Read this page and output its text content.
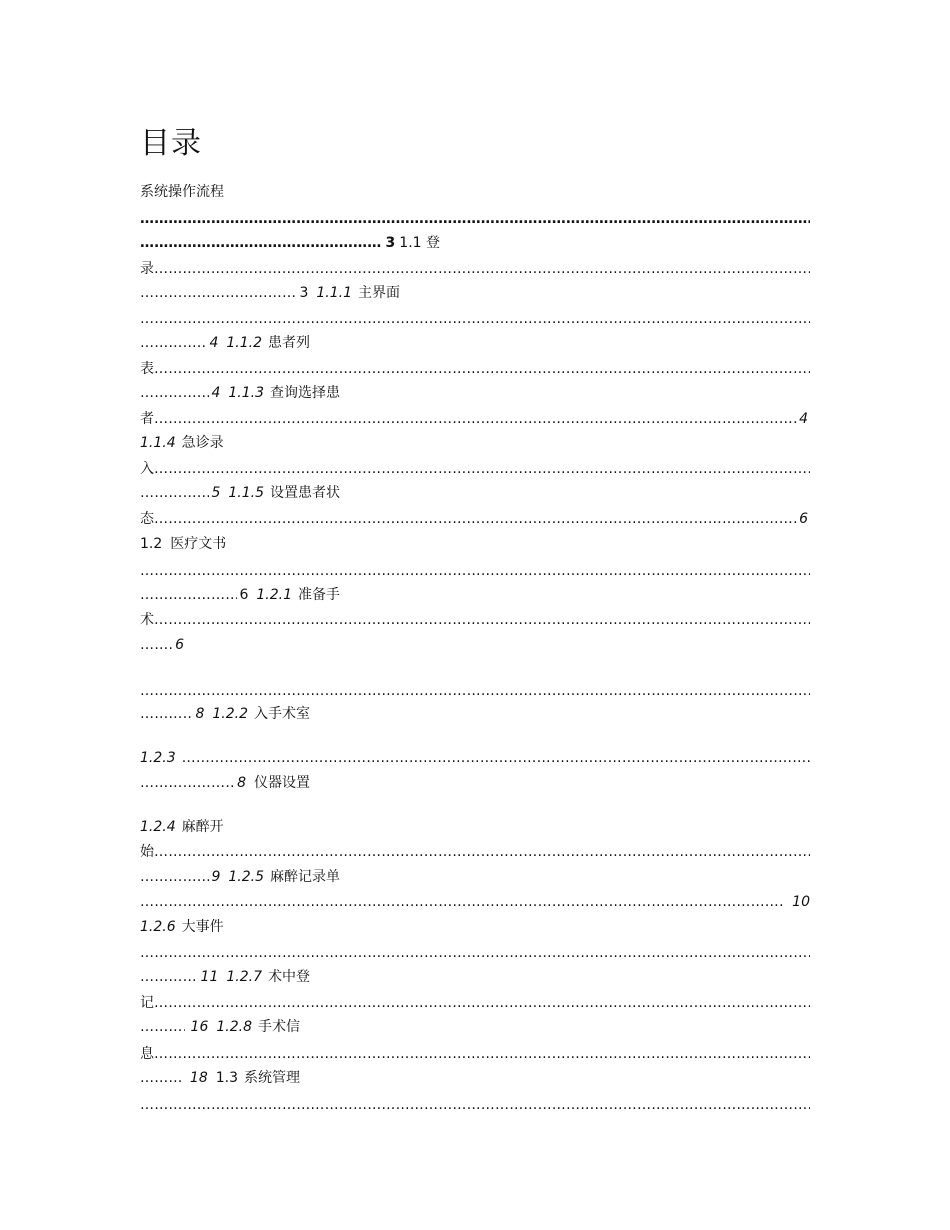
目录
系统操作流程
………………………………………………………………………………………………………………………………………………………………………………………………………………………………………………………………………………………………
………………………………………………………………………………………………………………………………………………………………………………………………………………………………………………………………………………………………
3 1.1 登
录
………………………………………………………………………………………………………………………………………………………………………………………………………………………………………………………………………………………………
………………………………………………………………………………………………………………………………………………………………………………………………………………………………………………………………………………………………
3 1.1.1 主界面
………………………………………………………………………………………………………………………………………………………………………………………………………………………………………………………………………………………………
………………………………………………………………………………………………………………………………………………………………………………………………………………………………………………………………………………………………
4 1.1.2 患者列
表
………………………………………………………………………………………………………………………………………………………………………………………………………………………………………………………………………………………………
………………………………………………………………………………………………………………………………………………………………………………………………………………………………………………………………………………………………
4 1.1.3 查询选择患
者 ………………………………………………………………………………………………………………………………………………………………………………………………………………………………………………………………………………………………	4
1.1.4 急诊录
入
………………………………………………………………………………………………………………………………………………………………………………………………………………………………………………………………………………………………
………………………………………………………………………………………………………………………………………………………………………………………………………………………………………………………………………………………………
5 1.1.5 设置患者状
态 ………………………………………………………………………………………………………………………………………………………………………………………………………………………………………………………………………………………………	6
1.2 医疗文书
………………………………………………………………………………………………………………………………………………………………………………………………………………………………………………………………………………………………
………………………………………………………………………………………………………………………………………………………………………………………………………………………………………………………………………………………………
6 1.2.1 准备手
术
………………………………………………………………………………………………………………………………………………………………………………………………………………………………………………………………………………………………
………………………………………………………………………………………………………………………………………………………………………………………………………………………………………………………………………………………………
6
………………………………………………………………………………………………………………………………………………………………………………………………………………………………………………………………………………………………
………………………………………………………………………………………………………………………………………………………………………………………………………………………………………………………………………………………………
8 1.2.2 入手术室
1.2.3
………………………………………………………………………………………………………………………………………………………………………………………………………………………………………………………………………………………………
………………………………………………………………………………………………………………………………………………………………………………………………………………………………………………………………………………………………
8 仪器设置
1.2.4 麻醉开
始
………………………………………………………………………………………………………………………………………………………………………………………………………………………………………………………………………………………………
………………………………………………………………………………………………………………………………………………………………………………………………………………………………………………………………………………………………
9 1.2.5 麻醉记录单
………………………………………………………………………………………………………………………………………………………………………………………………………………………………………………………………………………………………
10
1.2.6 大事件
………………………………………………………………………………………………………………………………………………………………………………………………………………………………………………………………………………………………
………………………………………………………………………………………………………………………………………………………………………………………………………………………………………………………………………………………………
11 1.2.7 术中登
记
………………………………………………………………………………………………………………………………………………………………………………………………………………………………………………………………………………………………
………………………………………………………………………………………………………………………………………………………………………………………………………………………………………………………………………………………………
16 1.2.8 手术信
息
………………………………………………………………………………………………………………………………………………………………………………………………………………………………………………………………………………………………
………………………………………………………………………………………………………………………………………………………………………………………………………………………………………………………………………………………………
18 1.3 系统管理
………………………………………………………………………………………………………………………………………………………………………………………………………………………………………………………………………………………………
